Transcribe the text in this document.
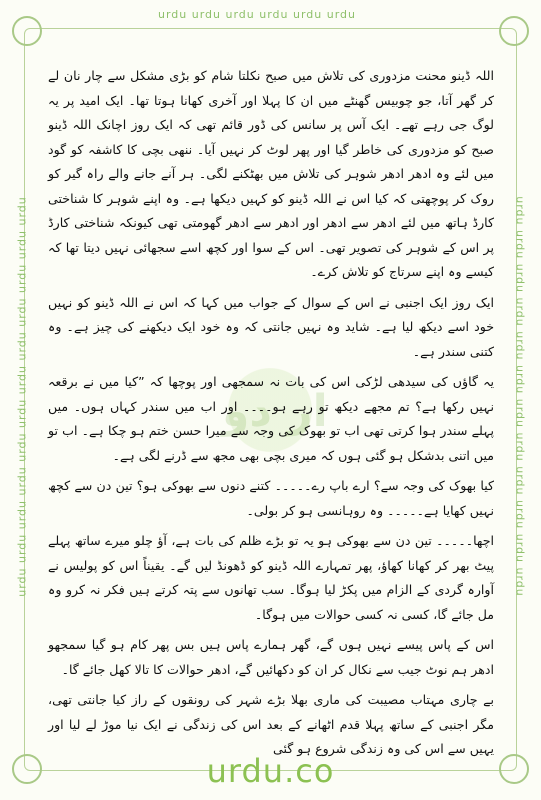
urdu urdu urdu urdu urdu urdu
urdu urdu urdu urdu urdu urdu urdu urdu urdu urdu urdu urdu	urdu urdu urdu urdu urdu urdu urdu urdu urdu urdu urdu urdu
ار دو

اللہ ڈینو محنت مزدوری کی تلاش میں صبح نکلتا شام کو بڑی مشکل سے چار نان لے کر گھر آتا، جو چوبیس گھنٹے میں ان کا پہلا اور آخری کھانا ہوتا تھا۔ ایک امید پر یہ لوگ جی رہے تھے۔ ایک آس پر سانس کی ڈور قائم تھی کہ ایک روز اچانک اللہ ڈینو صبح کو مزدوری کی خاطر گیا اور پھر لوٹ کر نہیں آیا۔ ننھی بچی کا کاشفہ کو گود میں لئے وہ ادھر ادھر شوہر کی تلاش میں بھٹکنے لگی۔ ہر آنے جانے والے راہ گیر کو روک کر پوچھتی کہ کیا اس نے اللہ ڈینو کو کہیں دیکھا ہے۔ وہ اپنے شوہر کا شناختی کارڈ ہاتھ میں لئے ادھر سے ادھر اور ادھر سے ادھر گھومتی تھی کیونکہ شناختی کارڈ پر اس کے شوہر کی تصویر تھی۔ اس کے سوا اور کچھ اسے سجھائی نہیں دیتا تھا کہ کیسے وہ اپنے سرتاج کو تلاش کرے۔

ایک روز ایک اجنبی نے اس کے سوال کے جواب میں کہا کہ اس نے اللہ ڈینو کو نہیں خود اسے دیکھ لیا ہے۔ شاید وہ نہیں جانتی کہ وہ خود ایک دیکھنے کی چیز ہے۔ وہ کتنی سندر ہے۔

یہ گاؤں کی سیدھی لڑکی اس کی بات نہ سمجھی اور پوچھا کہ ”کیا میں نے برقعہ نہیں رکھا ہے؟ تم مجھے دیکھ تو رہے ہو۔۔۔۔ اور اب میں سندر کہاں ہوں۔ میں پہلے سندر ہوا کرتی تھی اب تو بھوک کی وجہ سے میرا حسن ختم ہو چکا ہے۔ اب تو میں اتنی بدشکل ہو گئی ہوں کہ میری بچی بھی مجھ سے ڈرنے لگی ہے۔

کیا بھوک کی وجہ سے؟ ارے باپ رے۔۔۔۔۔ کتنے دنوں سے بھوکی ہو؟ تین دن سے کچھ نہیں کھایا ہے۔۔۔۔۔ وہ روہانسی ہو کر بولی۔

اچھا۔۔۔۔۔ تین دن سے بھوکی ہو یہ تو بڑے ظلم کی بات ہے، آؤ چلو میرے ساتھ پہلے پیٹ بھر کر کھانا کھاؤ، پھر تمہارے اللہ ڈینو کو ڈھونڈ لیں گے۔ یقیناً اس کو پولیس نے آوارہ گردی کے الزام میں پکڑ لیا ہوگا۔ سب تھانوں سے پتہ کرتے ہیں فکر نہ کرو وہ مل جائے گا، کسی نہ کسی حوالات میں ہوگا۔

اس کے پاس پیسے نہیں ہوں گے، گھر ہمارے پاس ہیں بس پھر کام ہو گیا سمجھو ادھر ہم نوٹ جیب سے نکال کر ان کو دکھائیں گے، ادھر حوالات کا تالا کھل جائے گا۔

بے چاری مہتاب مصیبت کی ماری بھلا بڑے شہر کی رونقوں کے راز کیا جانتی تھی، مگر اجنبی کے ساتھ پہلا قدم اٹھانے کے بعد اس کی زندگی نے ایک نیا موڑ لے لیا اور یہیں سے اس کی وہ زندگی شروع ہو گئی

urdu.co
